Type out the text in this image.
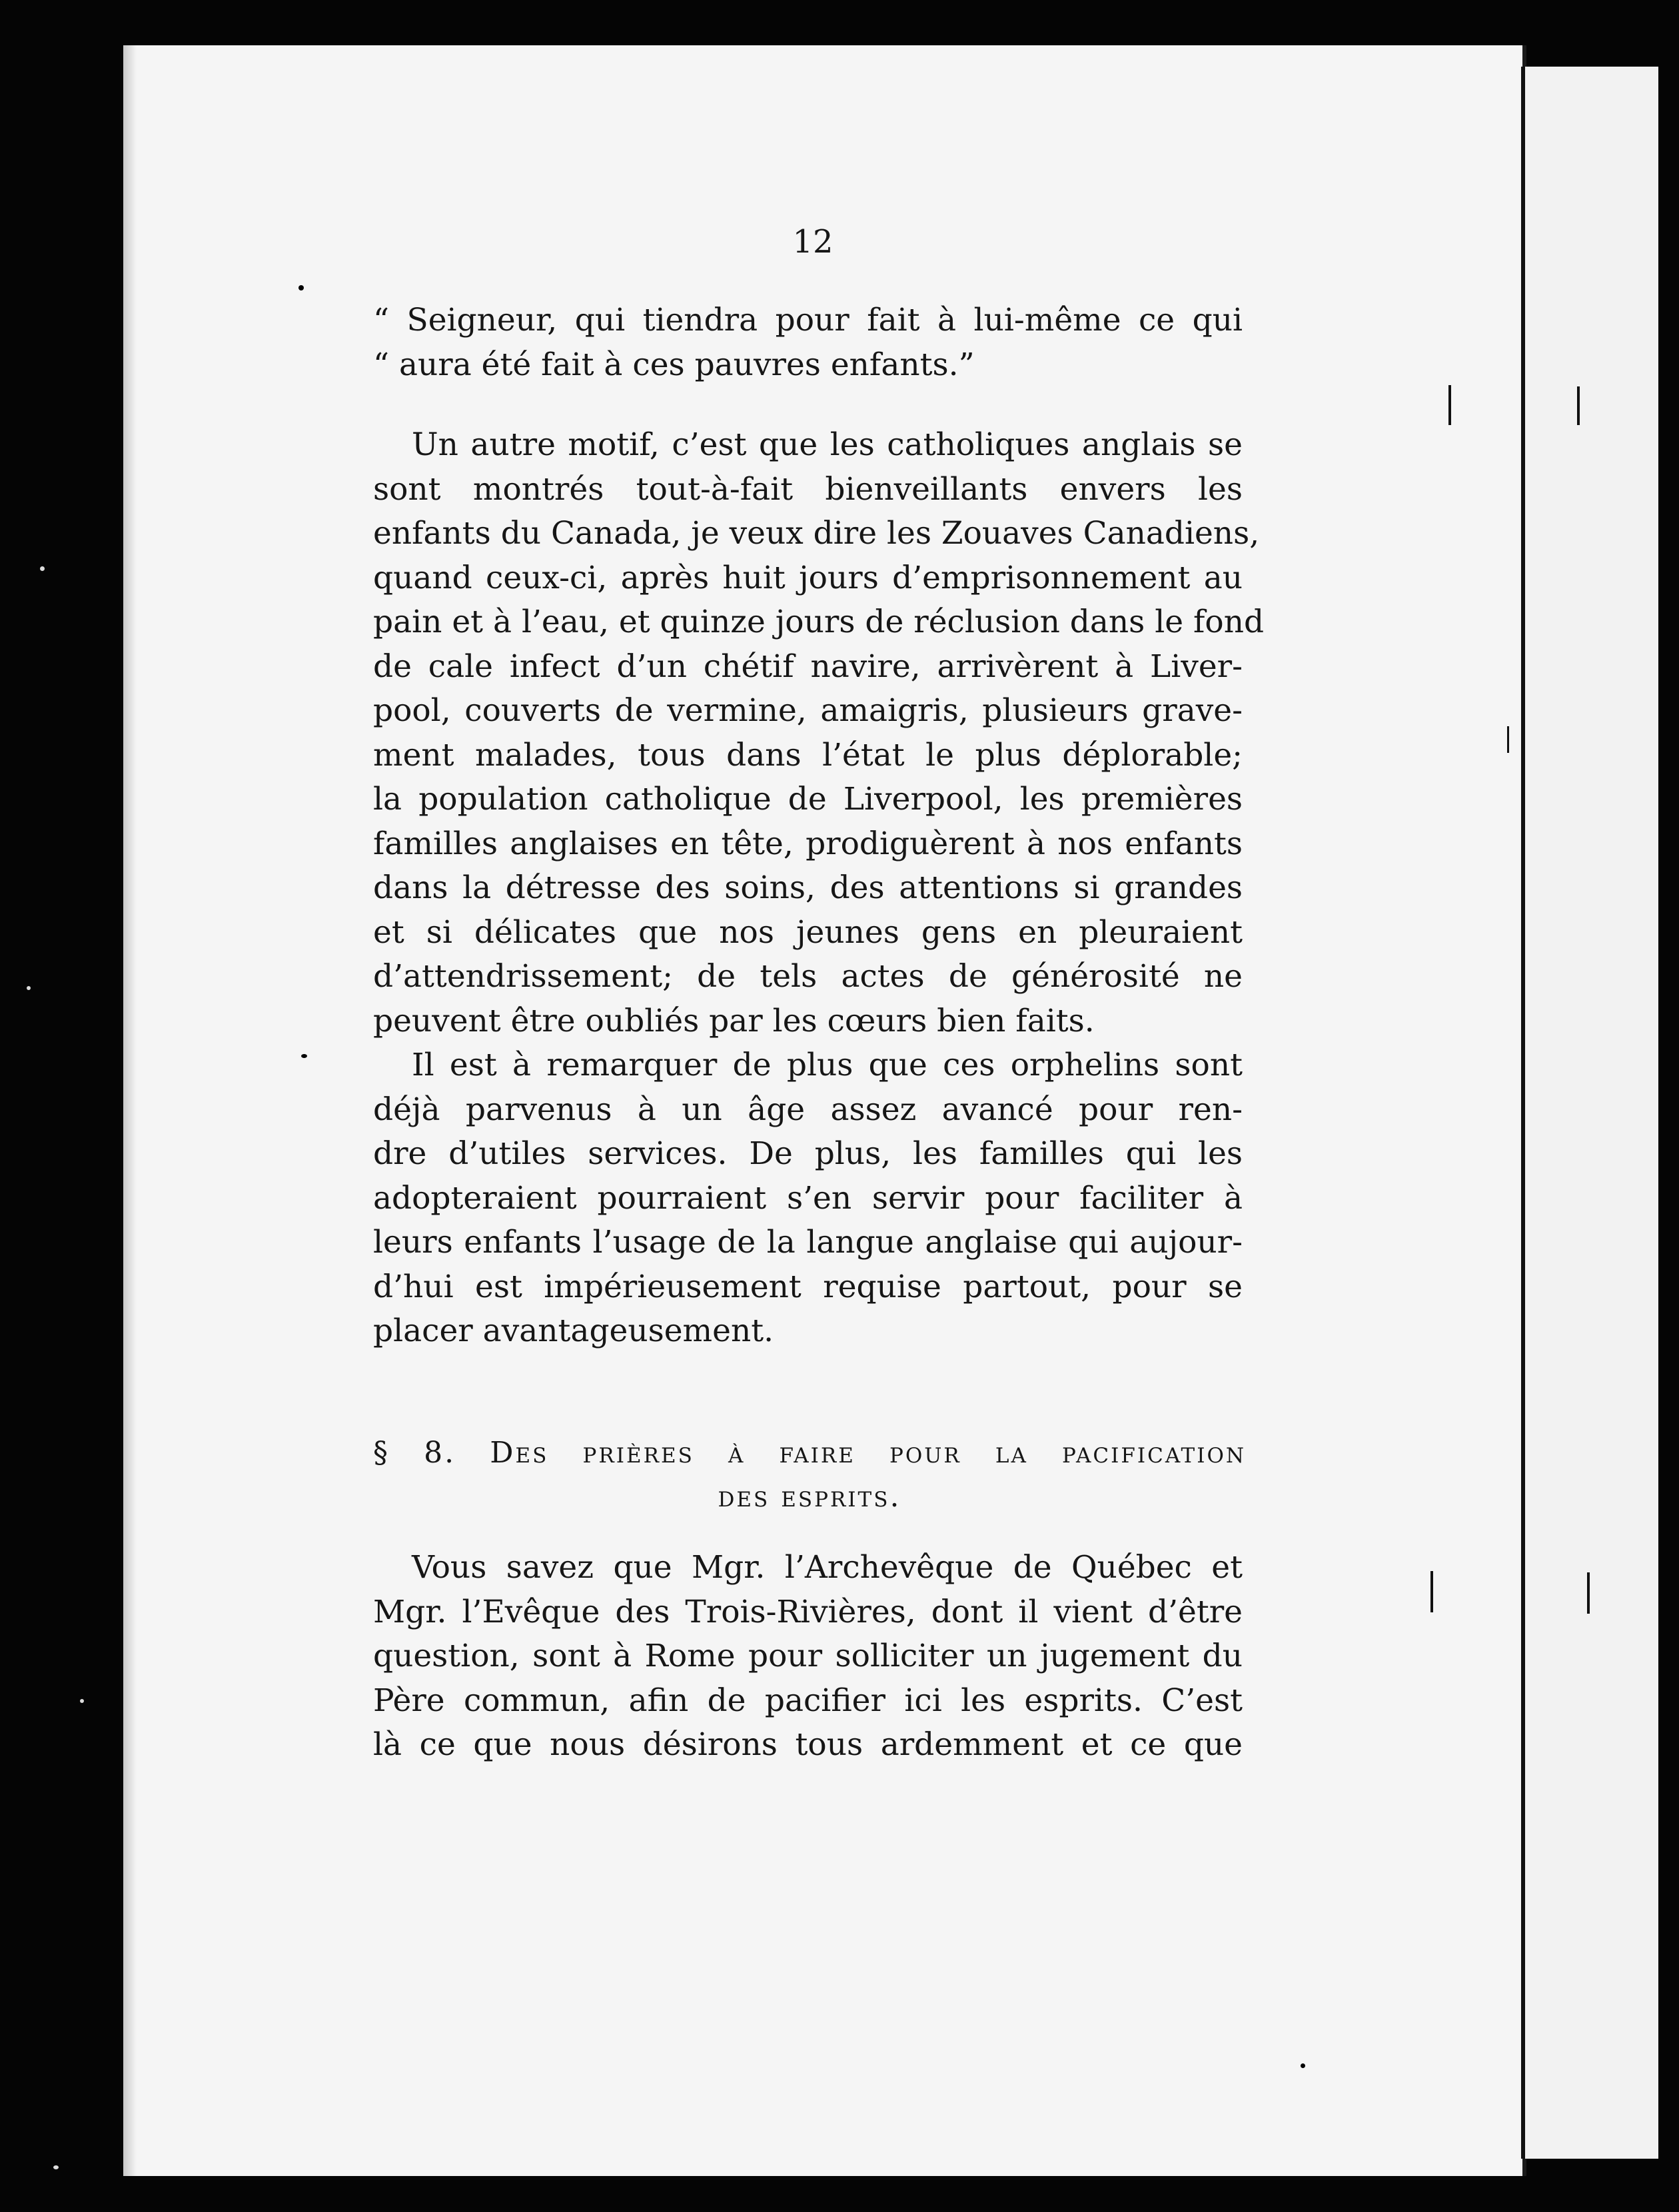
12
“ Seigneur, qui tiendra pour fait à lui-même ce qui
“ aura été fait à ces pauvres enfants.”
Un autre motif, c’est que les catholiques anglais se
sont montrés tout-à-fait bienveillants envers les
enfants du Canada, je veux dire les Zouaves Canadiens,
quand ceux-ci, après huit jours d’emprisonnement au
pain et à l’eau, et quinze jours de réclusion dans le fond
de cale infect d’un chétif navire, arrivèrent à Liver-
pool, couverts de vermine, amaigris, plusieurs grave-
ment malades, tous dans l’état le plus déplorable;
la population catholique de Liverpool, les premières
familles anglaises en tête, prodiguèrent à nos enfants
dans la détresse des soins, des attentions si grandes
et si délicates que nos jeunes gens en pleuraient
d’attendrissement; de tels actes de générosité ne
peuvent être oubliés par les cœurs bien faits.
Il est à remarquer de plus que ces orphelins sont
déjà parvenus à un âge assez avancé pour ren-
dre d’utiles services. De plus, les familles qui les
adopteraient pourraient s’en servir pour faciliter à
leurs enfants l’usage de la langue anglaise qui aujour-
d’hui est impérieusement requise partout, pour se
placer avantageusement.
§ 8. Des prières à faire pour la pacification
des esprits.
Vous savez que Mgr. l’Archevêque de Québec et
Mgr. l’Evêque des Trois-Rivières, dont il vient d’être
question, sont à Rome pour solliciter un jugement du
Père commun, afin de pacifier ici les esprits. C’est
là ce que nous désirons tous ardemment et ce que
